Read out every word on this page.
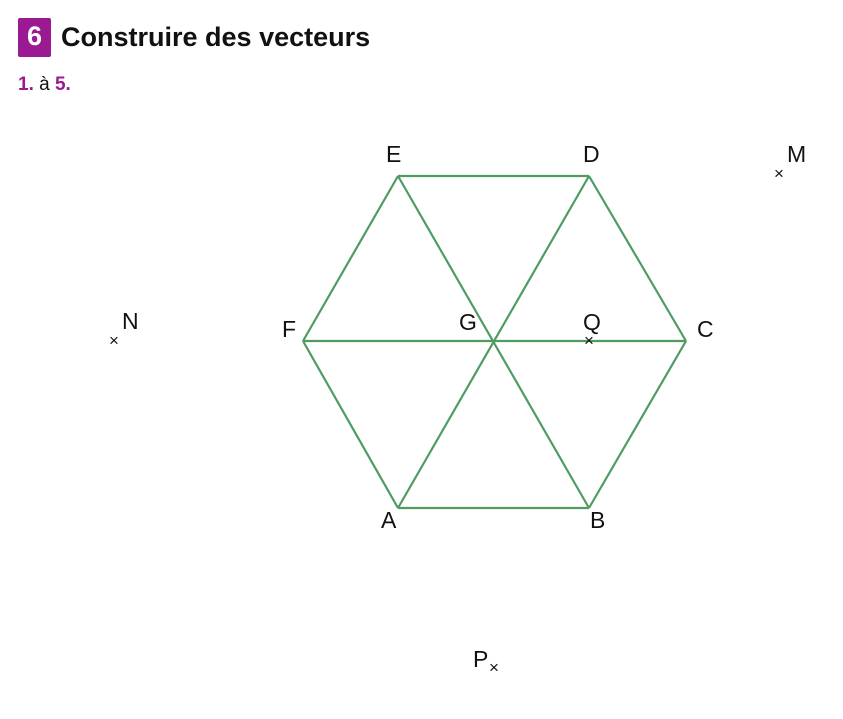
6 Construire des vecteurs
1. à 5.
E	D
C
B
A
F	G
×
M
×
N
×
Q
×
P
